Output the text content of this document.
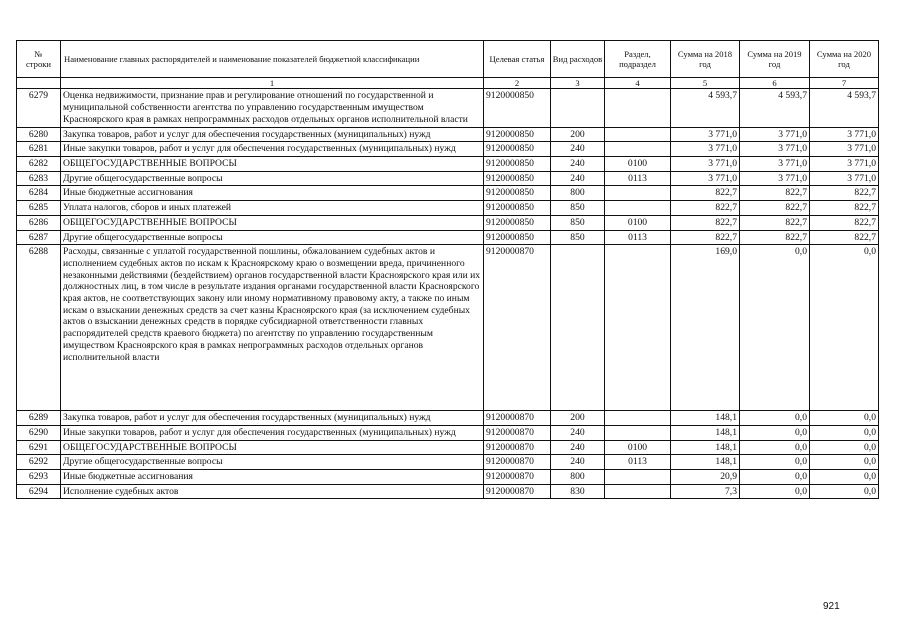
№
строки	Наименование главных распорядителей и наименование показателей бюджетной классификации	Целевая статья	Вид расходов	Раздел, подраздел	Сумма на 2018 год	Сумма на 2019 год	Сумма на 2020 год
	1	2	3	4	5	6	7
6279	Оценка недвижимости, признание прав и регулирование отношений по государственной и муниципальной собственности агентства по управлению государственным имуществом Красноярского края в рамках непрограммных расходов отдельных органов исполнительной власти	9120000850			4 593,7	4 593,7	4 593,7
6280	Закупка товаров, работ и услуг для обеспечения государственных (муниципальных) нужд	9120000850	200		3 771,0	3 771,0	3 771,0
6281	Иные закупки товаров, работ и услуг для обеспечения государственных (муниципальных) нужд	9120000850	240		3 771,0	3 771,0	3 771,0
6282	ОБЩЕГОСУДАРСТВЕННЫЕ ВОПРОСЫ	9120000850	240	0100	3 771,0	3 771,0	3 771,0
6283	Другие общегосударственные вопросы	9120000850	240	0113	3 771,0	3 771,0	3 771,0
6284	Иные бюджетные ассигнования	9120000850	800		822,7	822,7	822,7
6285	Уплата налогов, сборов и иных платежей	9120000850	850		822,7	822,7	822,7
6286	ОБЩЕГОСУДАРСТВЕННЫЕ ВОПРОСЫ	9120000850	850	0100	822,7	822,7	822,7
6287	Другие общегосударственные вопросы	9120000850	850	0113	822,7	822,7	822,7
6288	Расходы, связанные с уплатой государственной пошлины, обжалованием судебных актов и исполнением судебных актов по искам к Красноярскому краю о возмещении вреда, причиненного незаконными действиями (бездействием) органов государственной власти Красноярского края или их должностных лиц, в том числе в результате издания органами государственной власти Красноярского края актов, не соответствующих закону или иному нормативному правовому акту, а также по иным искам о взыскании денежных средств за счет казны Красноярского края (за исключением судебных актов о взыскании денежных средств в порядке субсидиарной ответственности главных распорядителей средств краевого бюджета) по агентству по управлению государственным имуществом Красноярского края в рамках непрограммных расходов отдельных органов исполнительной власти	9120000870			169,0	0,0	0,0
6289	Закупка товаров, работ и услуг для обеспечения государственных (муниципальных) нужд	9120000870	200		148,1	0,0	0,0
6290	Иные закупки товаров, работ и услуг для обеспечения государственных (муниципальных) нужд	9120000870	240		148,1	0,0	0,0
6291	ОБЩЕГОСУДАРСТВЕННЫЕ ВОПРОСЫ	9120000870	240	0100	148,1	0,0	0,0
6292	Другие общегосударственные вопросы	9120000870	240	0113	148,1	0,0	0,0
6293	Иные бюджетные ассигнования	9120000870	800		20,9	0,0	0,0
6294	Исполнение судебных актов	9120000870	830		7,3	0,0	0,0
921
